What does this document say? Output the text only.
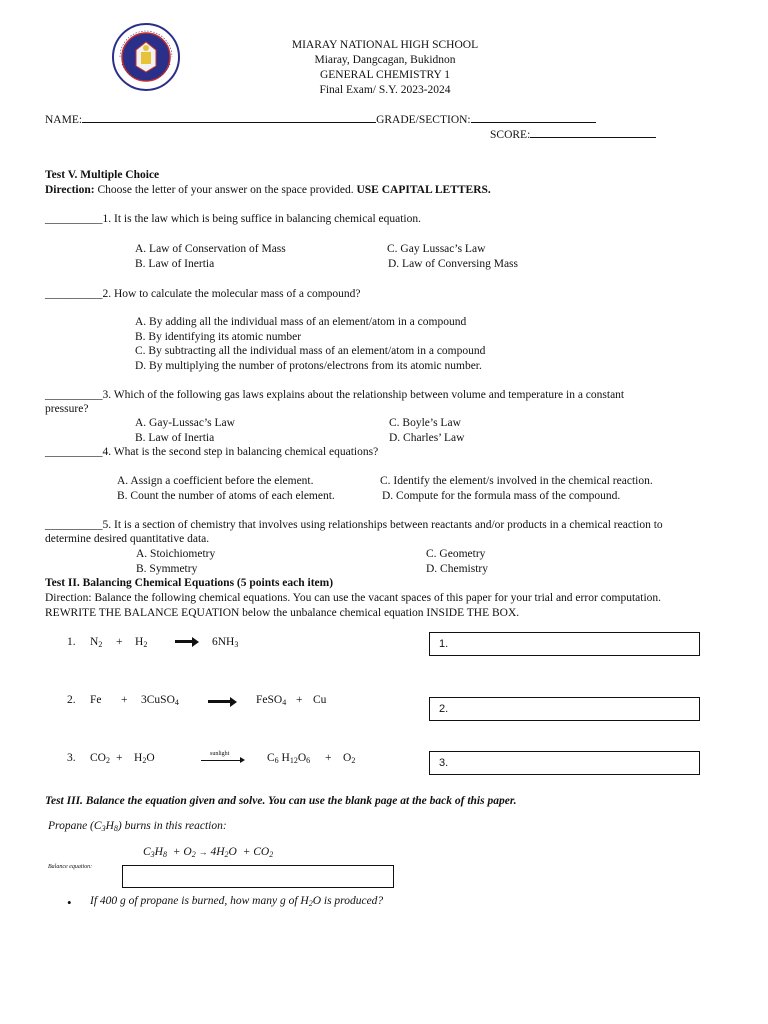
MIARAY NATIONAL HIGH SCHOOL
Miaray, Dangcagan, Bukidnon
GENERAL CHEMISTRY 1
Final Exam/ S.Y. 2023-2024
NAME:	GRADE/SECTION:
SCORE:
Test V. Multiple Choice
Direction: Choose the letter of your answer on the space provided. USE CAPITAL LETTERS.
__________1. It is the law which is being suffice in balancing chemical equation.
A. Law of Conservation of Mass
B. Law of Inertia
C. Gay Lussac’s Law
D. Law of Conversing Mass
__________2. How to calculate the molecular mass of a compound?
A. By adding all the individual mass of an element/atom in a compound
B. By identifying its atomic number
C. By subtracting all the individual mass of an element/atom in a compound
D. By multiplying the number of protons/electrons from its atomic number.
__________3. Which of the following gas laws explains about the relationship between volume and temperature in a constant
pressure?
A. Gay-Lussac’s Law
B. Law of Inertia
C. Boyle’s Law
D. Charles’ Law
__________4. What is the second step in balancing chemical equations?
A. Assign a coefficient before the element.
B. Count the number of atoms of each element.
C. Identify the element/s involved in the chemical reaction.
D. Compute for the formula mass of the compound.
__________5. It is a section of chemistry that involves using relationships between reactants and/or products in a chemical reaction to
determine desired quantitative data.
A. Stoichiometry
B. Symmetry
C. Geometry
D. Chemistry
Test II. Balancing Chemical Equations (5 points each item)
Direction: Balance the following chemical equations. You can use the vacant spaces of this paper for your trial and error computation.
REWRITE THE BALANCE EQUATION below the unbalance chemical equation INSIDE THE BOX.
1. $N_2 + H_2$	$6NH_3$	1.
2. Fe + 3CuSO$_4$	FeSO$_4$ + Cu
2.
3. $CO_2 + H_2O$	sunlight	$C_6$ $H_{12}O_6 + O_2$	3.
Test III. Balance the equation given and solve. You can use the blank page at the back of this paper.
Propane $(C_3H_8)$ burns in this reaction:
$C_3H_8 + O_2 \to 4H_2O + CO_2$
Balance equation:
• If 400 g of propane is burned, how many g of $H_2O$ is produced?
